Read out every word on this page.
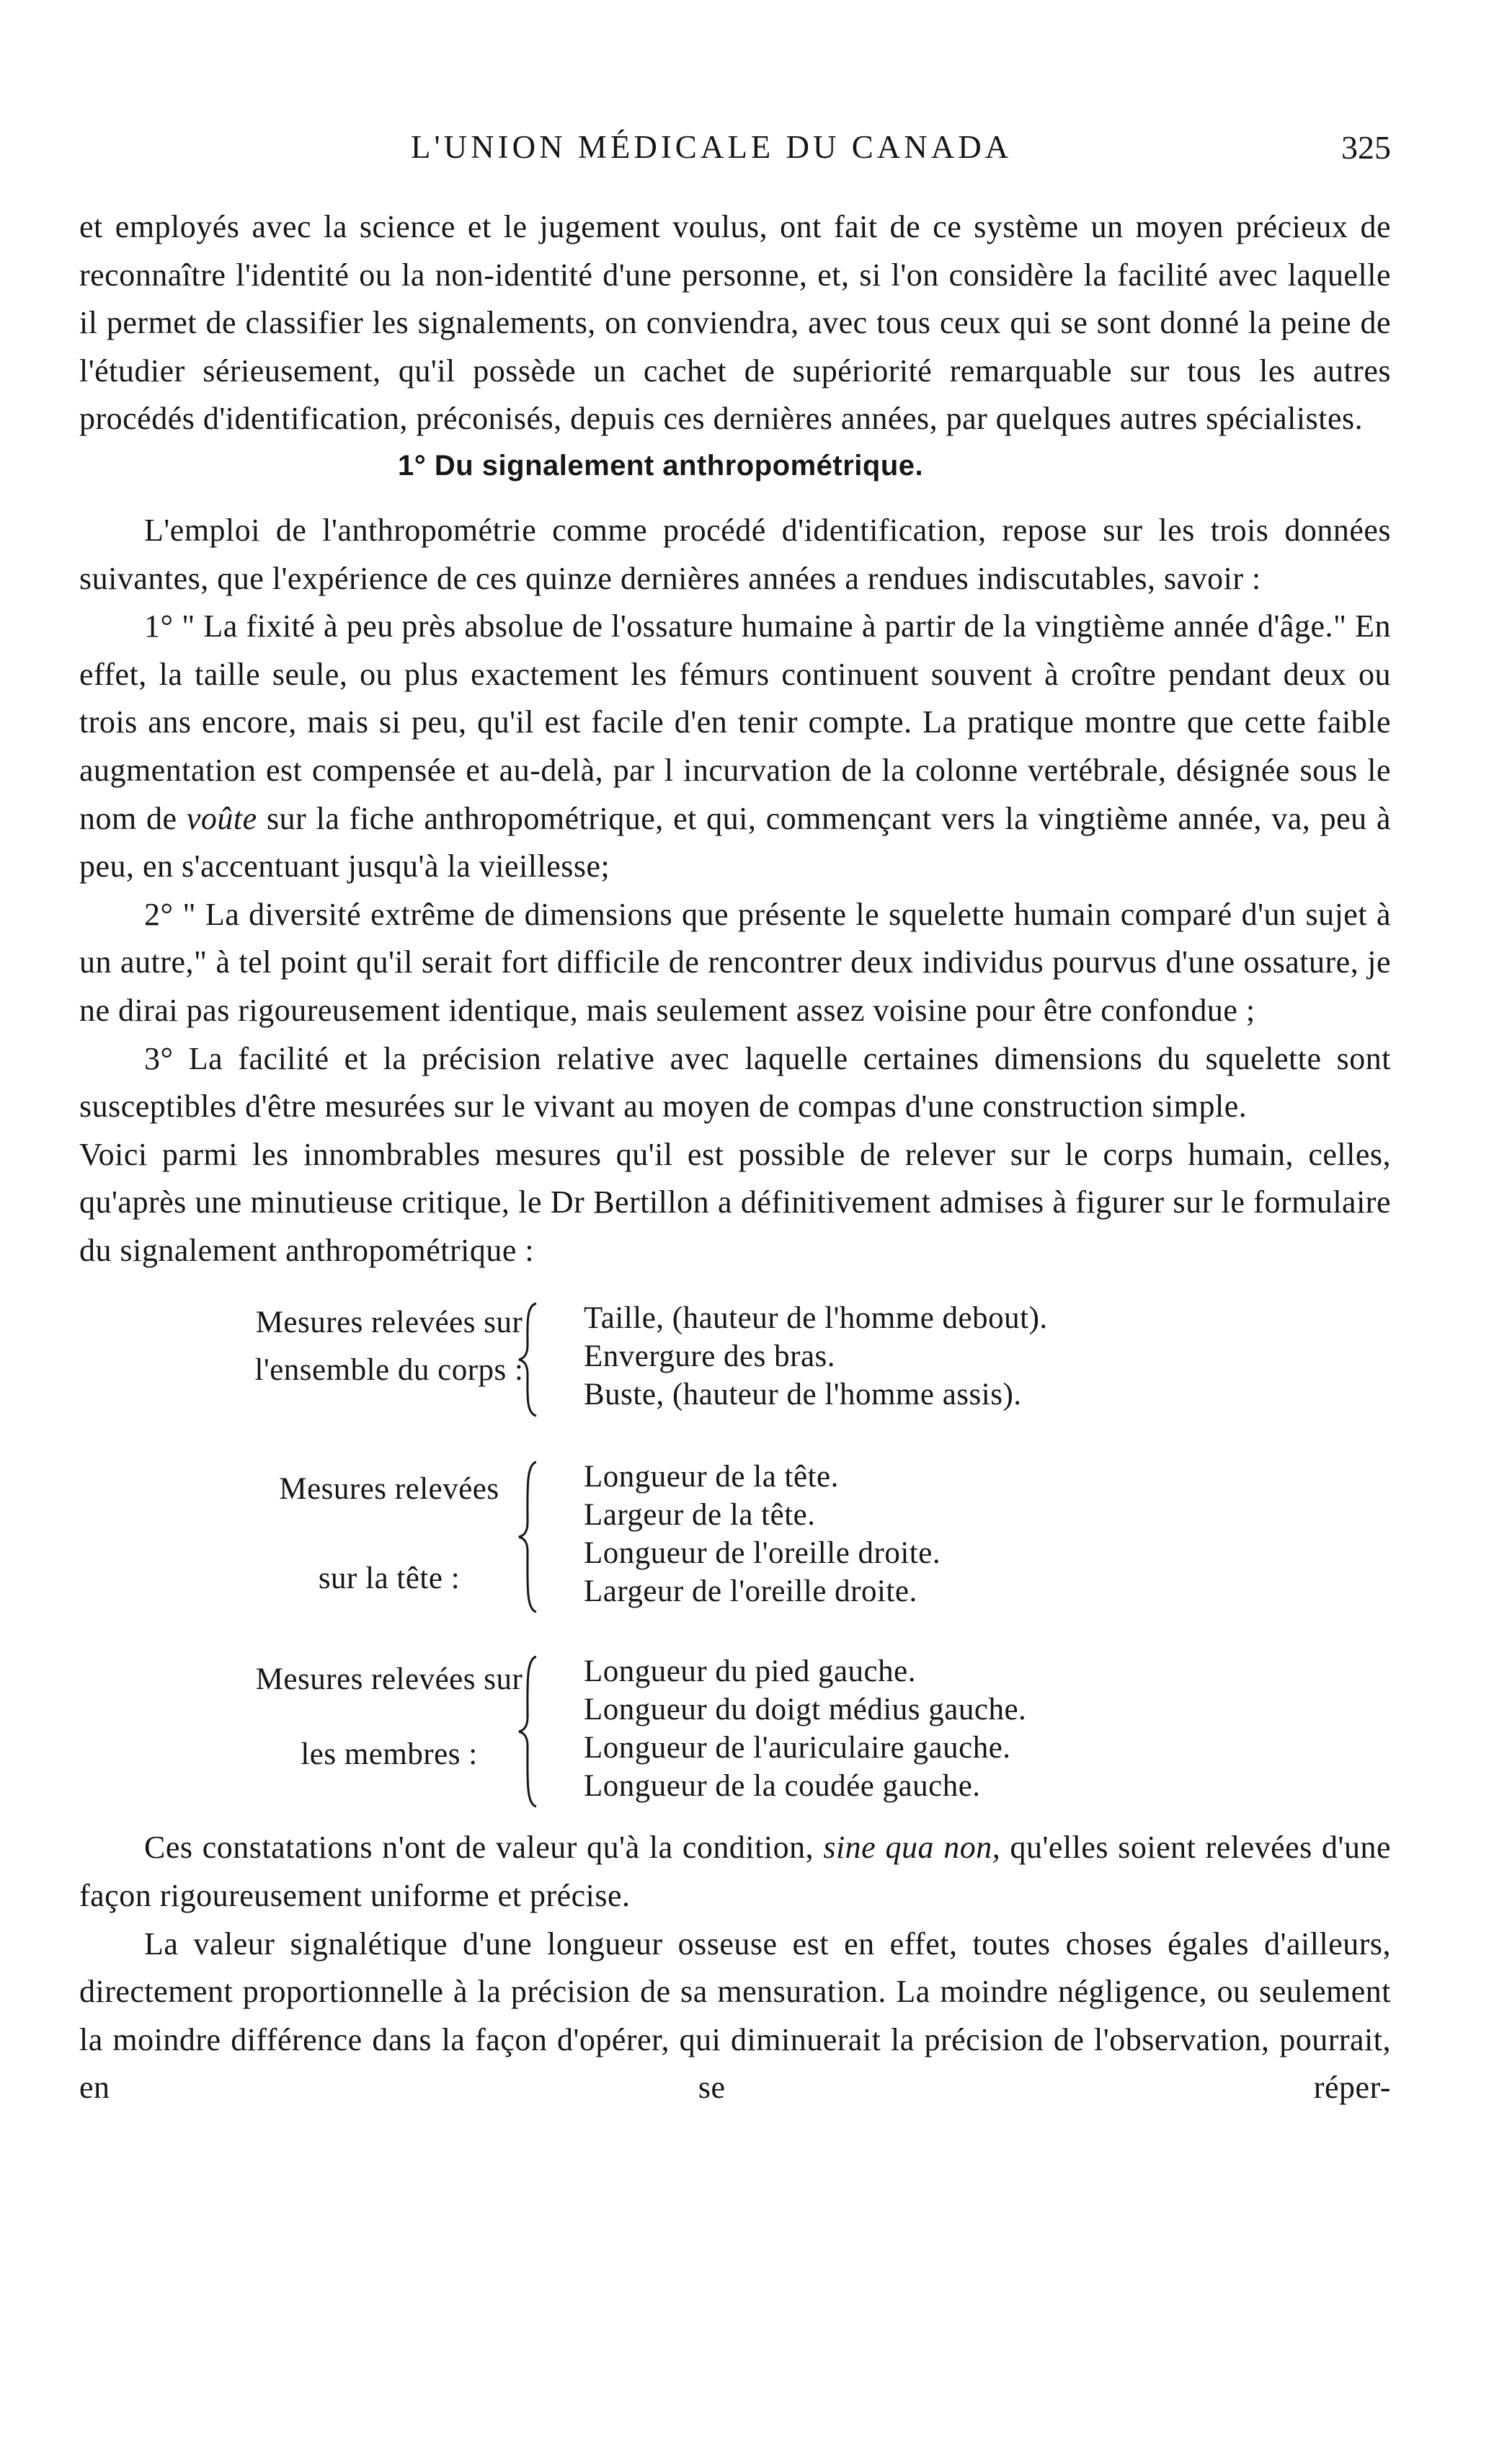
L'UNION MÉDICALE DU CANADA	325

et employés avec la science et le jugement voulus, ont fait de ce système un moyen précieux de reconnaître l'identité ou la non-identité d'une personne, et, si l'on considère la facilité avec laquelle il permet de classifier les signalements, on conviendra, avec tous ceux qui se sont donné la peine de l'étudier sérieusement, qu'il possède un cachet de supériorité remarquable sur tous les autres procédés d'identification, préconisés, depuis ces dernières années, par quelques autres spécialistes.

1° Du signalement anthropométrique.

L'emploi de l'anthropométrie comme procédé d'identification, repose sur les trois données suivantes, que l'expérience de ces quinze dernières années a rendues indiscutables, savoir :

1° " La fixité à peu près absolue de l'ossature humaine à partir de la vingtième année d'âge." En effet, la taille seule, ou plus exactement les fémurs continuent souvent à croître pendant deux ou trois ans encore, mais si peu, qu'il est facile d'en tenir compte. La pratique montre que cette faible augmentation est compensée et au-delà, par l incurvation de la colonne vertébrale, désignée sous le

nom de voûte sur la fiche anthropométrique, et qui, commençant vers la vingtième année, va, peu à peu, en s'accentuant jusqu'à la vieillesse;

2° " La diversité extrême de dimensions que présente le squelette humain comparé d'un sujet à un autre," à tel point qu'il serait fort difficile de rencontrer deux individus pourvus d'une ossature, je ne dirai pas rigoureusement identique, mais seulement assez voisine pour être confondue ;

3° La facilité et la précision relative avec laquelle certaines dimensions du squelette sont susceptibles d'être mesurées sur le vivant au moyen de compas d'une construction simple.

Voici parmi les innombrables mesures qu'il est possible de relever sur le corps humain, celles, qu'après une minutieuse critique, le Dr Bertillon a définitivement admises à figurer sur le formulaire du signalement anthropométrique :

Mesures relevées sur
l'ensemble du corps :
Taille, (hauteur de l'homme debout).
Envergure des bras.
Buste, (hauteur de l'homme assis).
Mesures relevées
sur la tête :
Longueur de la tête.
Largeur de la tête.
Longueur de l'oreille droite.
Largeur de l'oreille droite.
Mesures relevées sur
les membres :
Longueur du pied gauche.
Longueur du doigt médius gauche.
Longueur de l'auriculaire gauche.
Longueur de la coudée gauche.

Ces constatations n'ont de valeur qu'à la condition, sine qua non, qu'elles soient relevées d'une façon rigoureusement uniforme et précise.

La valeur signalétique d'une longueur osseuse est en effet, toutes choses égales d'ailleurs, directement proportionnelle à la précision de sa mensuration. La moindre négligence, ou seulement la moindre différence dans la façon d'opérer, qui diminuerait la précision de l'observation, pourrait, en se réper-
